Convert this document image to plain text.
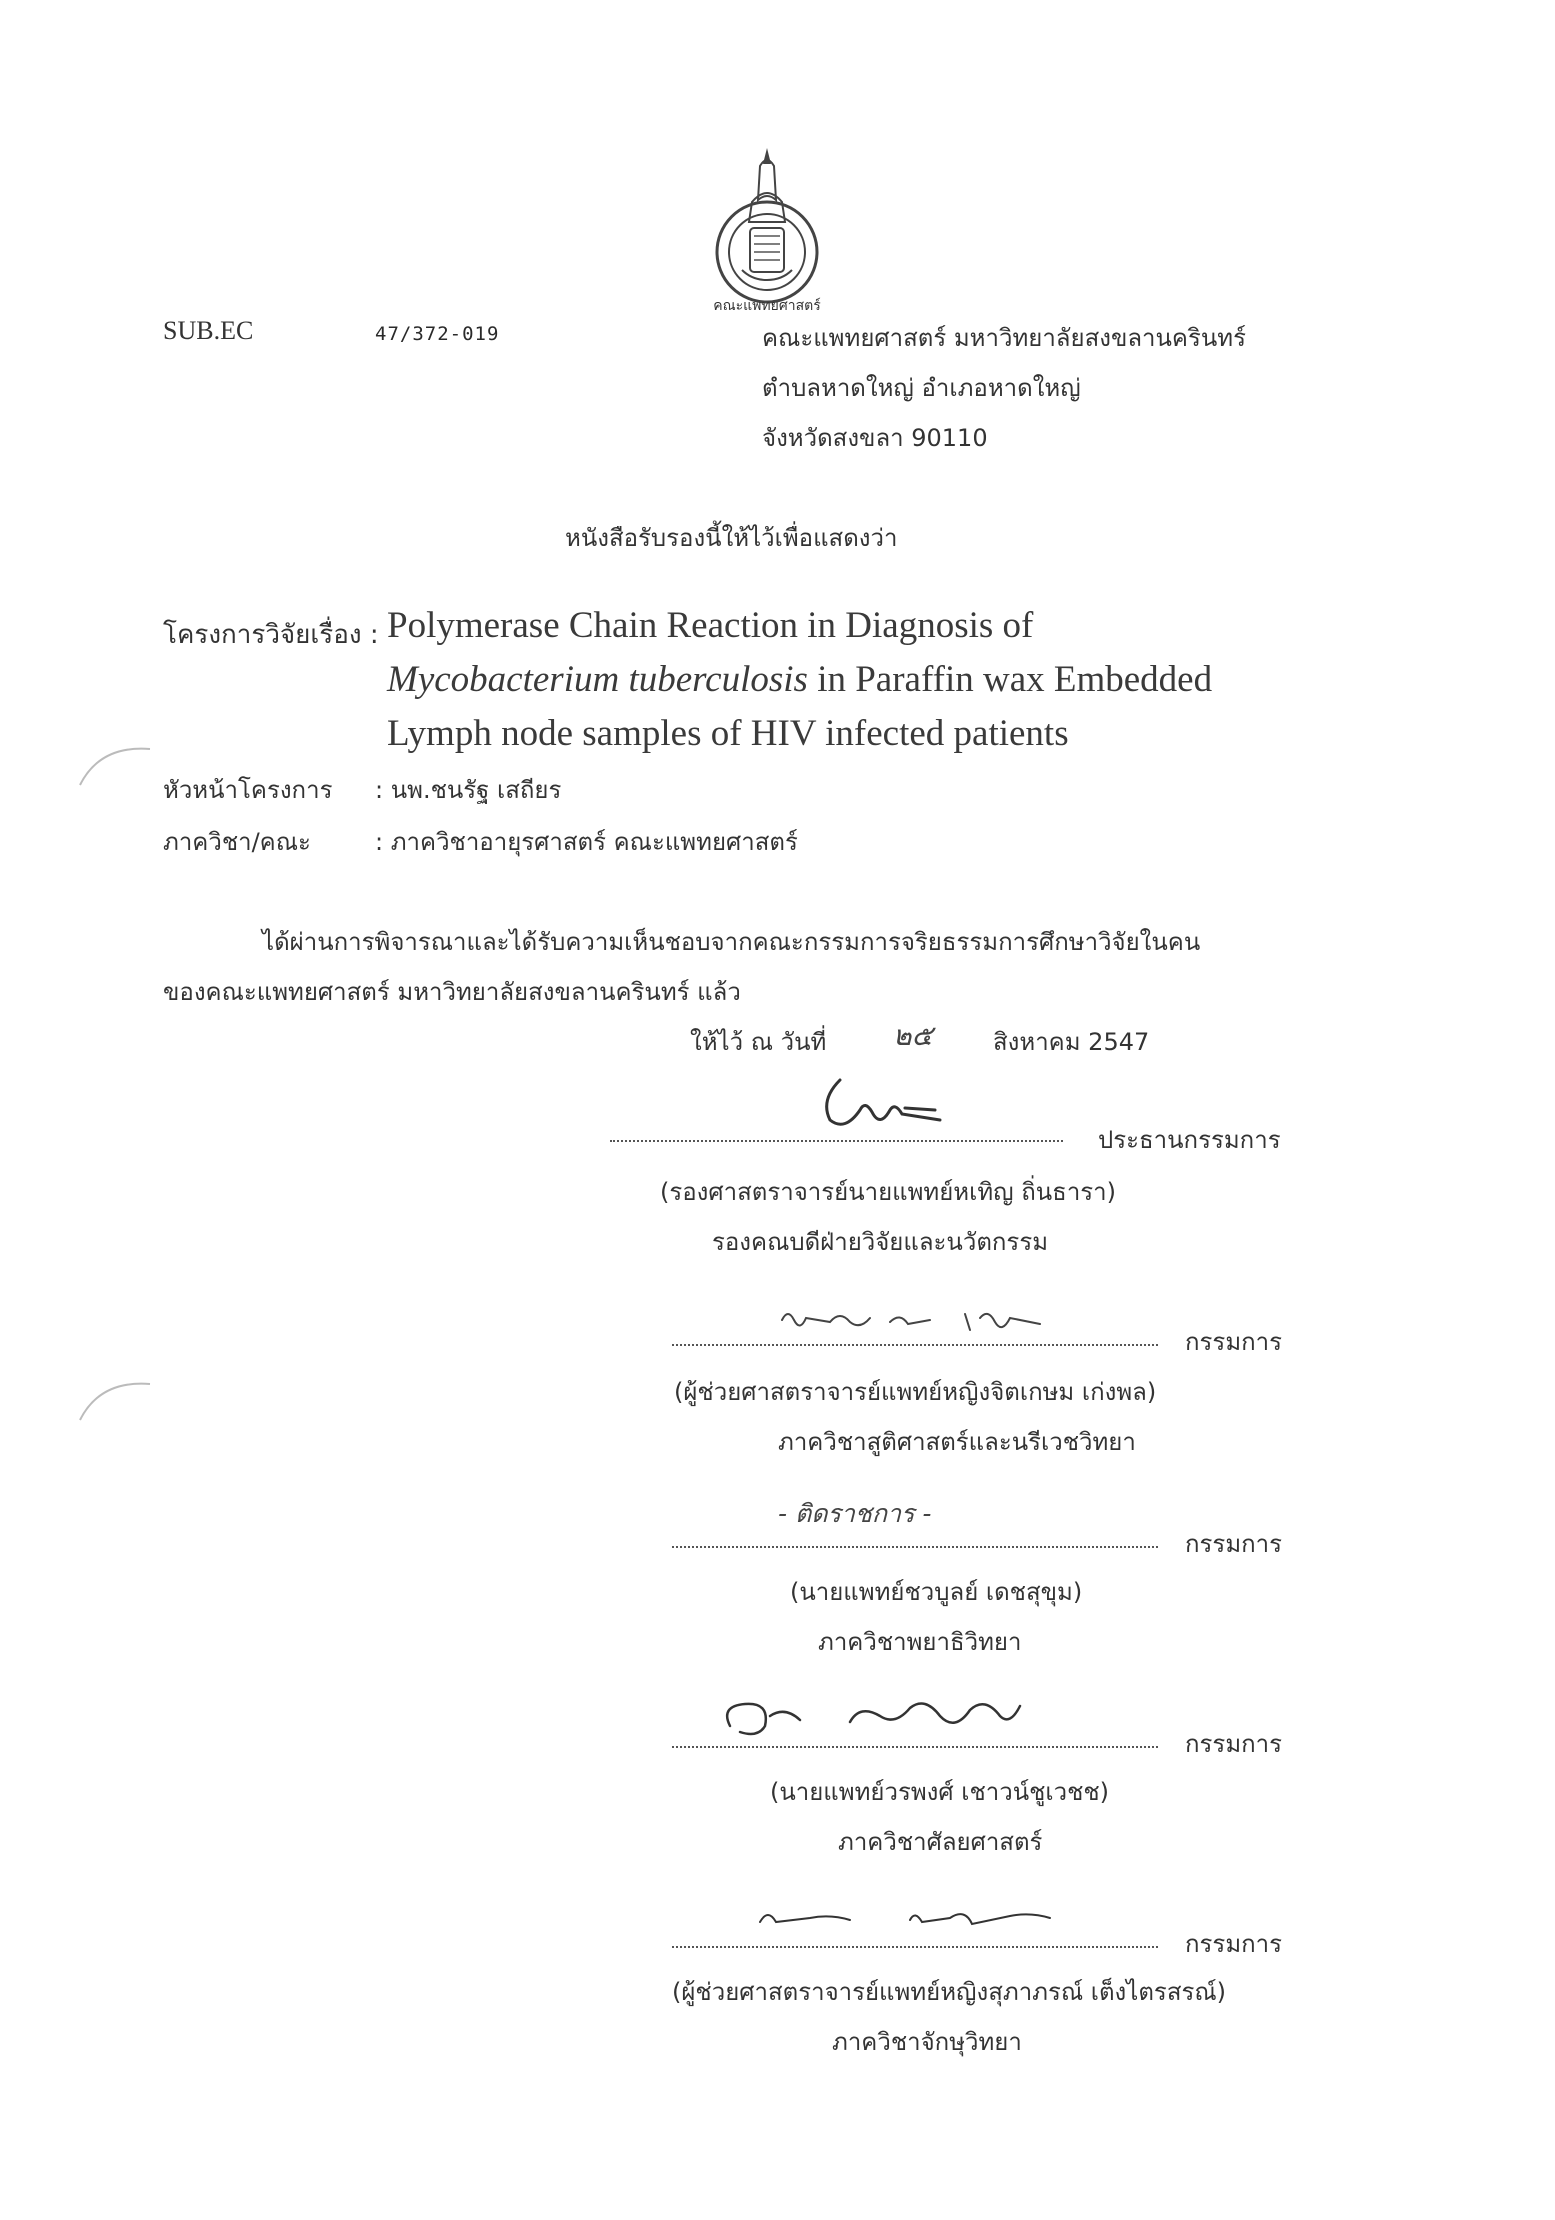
คณะแพทยศาสตร์
SUB.EC	47/372-019	คณะแพทยศาสตร์ มหาวิทยาลัยสงขลานครินทร์
ตำบลหาดใหญ่ อำเภอหาดใหญ่
จังหวัดสงขลา 90110
หนังสือรับรองนี้ให้ไว้เพื่อแสดงว่า
โครงการวิจัยเรื่อง : Polymerase Chain Reaction in Diagnosis of
Mycobacterium tuberculosis in Paraffin wax Embedded
Lymph node samples of HIV infected patients
หัวหน้าโครงการ : นพ.ชนรัฐ เสถียร
ภาควิชา/คณะ	: ภาควิชาอายุรศาสตร์ คณะแพทยศาสตร์
ได้ผ่านการพิจารณาและได้รับความเห็นชอบจากคณะกรรมการจริยธรรมการศึกษาวิจัยในคน
ของคณะแพทยศาสตร์ มหาวิทยาลัยสงขลานครินทร์ แล้ว
ให้ไว้ ณ วันที่ ๒๕	สิงหาคม 2547
ประธานกรรมการ
(รองศาสตราจารย์นายแพทย์หเทิญ ถิ่นธารา)
รองคณบดีฝ่ายวิจัยและนวัตกรรม
กรรมการ
(ผู้ช่วยศาสตราจารย์แพทย์หญิงจิตเกษม เก่งพล)
ภาควิชาสูติศาสตร์และนรีเวชวิทยา
- ติดราชการ -
กรรมการ
(นายแพทย์ชวบูลย์ เดชสุขุม)
ภาควิชาพยาธิวิทยา
กรรมการ
(นายแพทย์วรพงศ์ เชาวน์ชูเวชช)
ภาควิชาศัลยศาสตร์
กรรมการ
(ผู้ช่วยศาสตราจารย์แพทย์หญิงสุภาภรณ์ เต็งไตรสรณ์)
ภาควิชาจักษุวิทยา
